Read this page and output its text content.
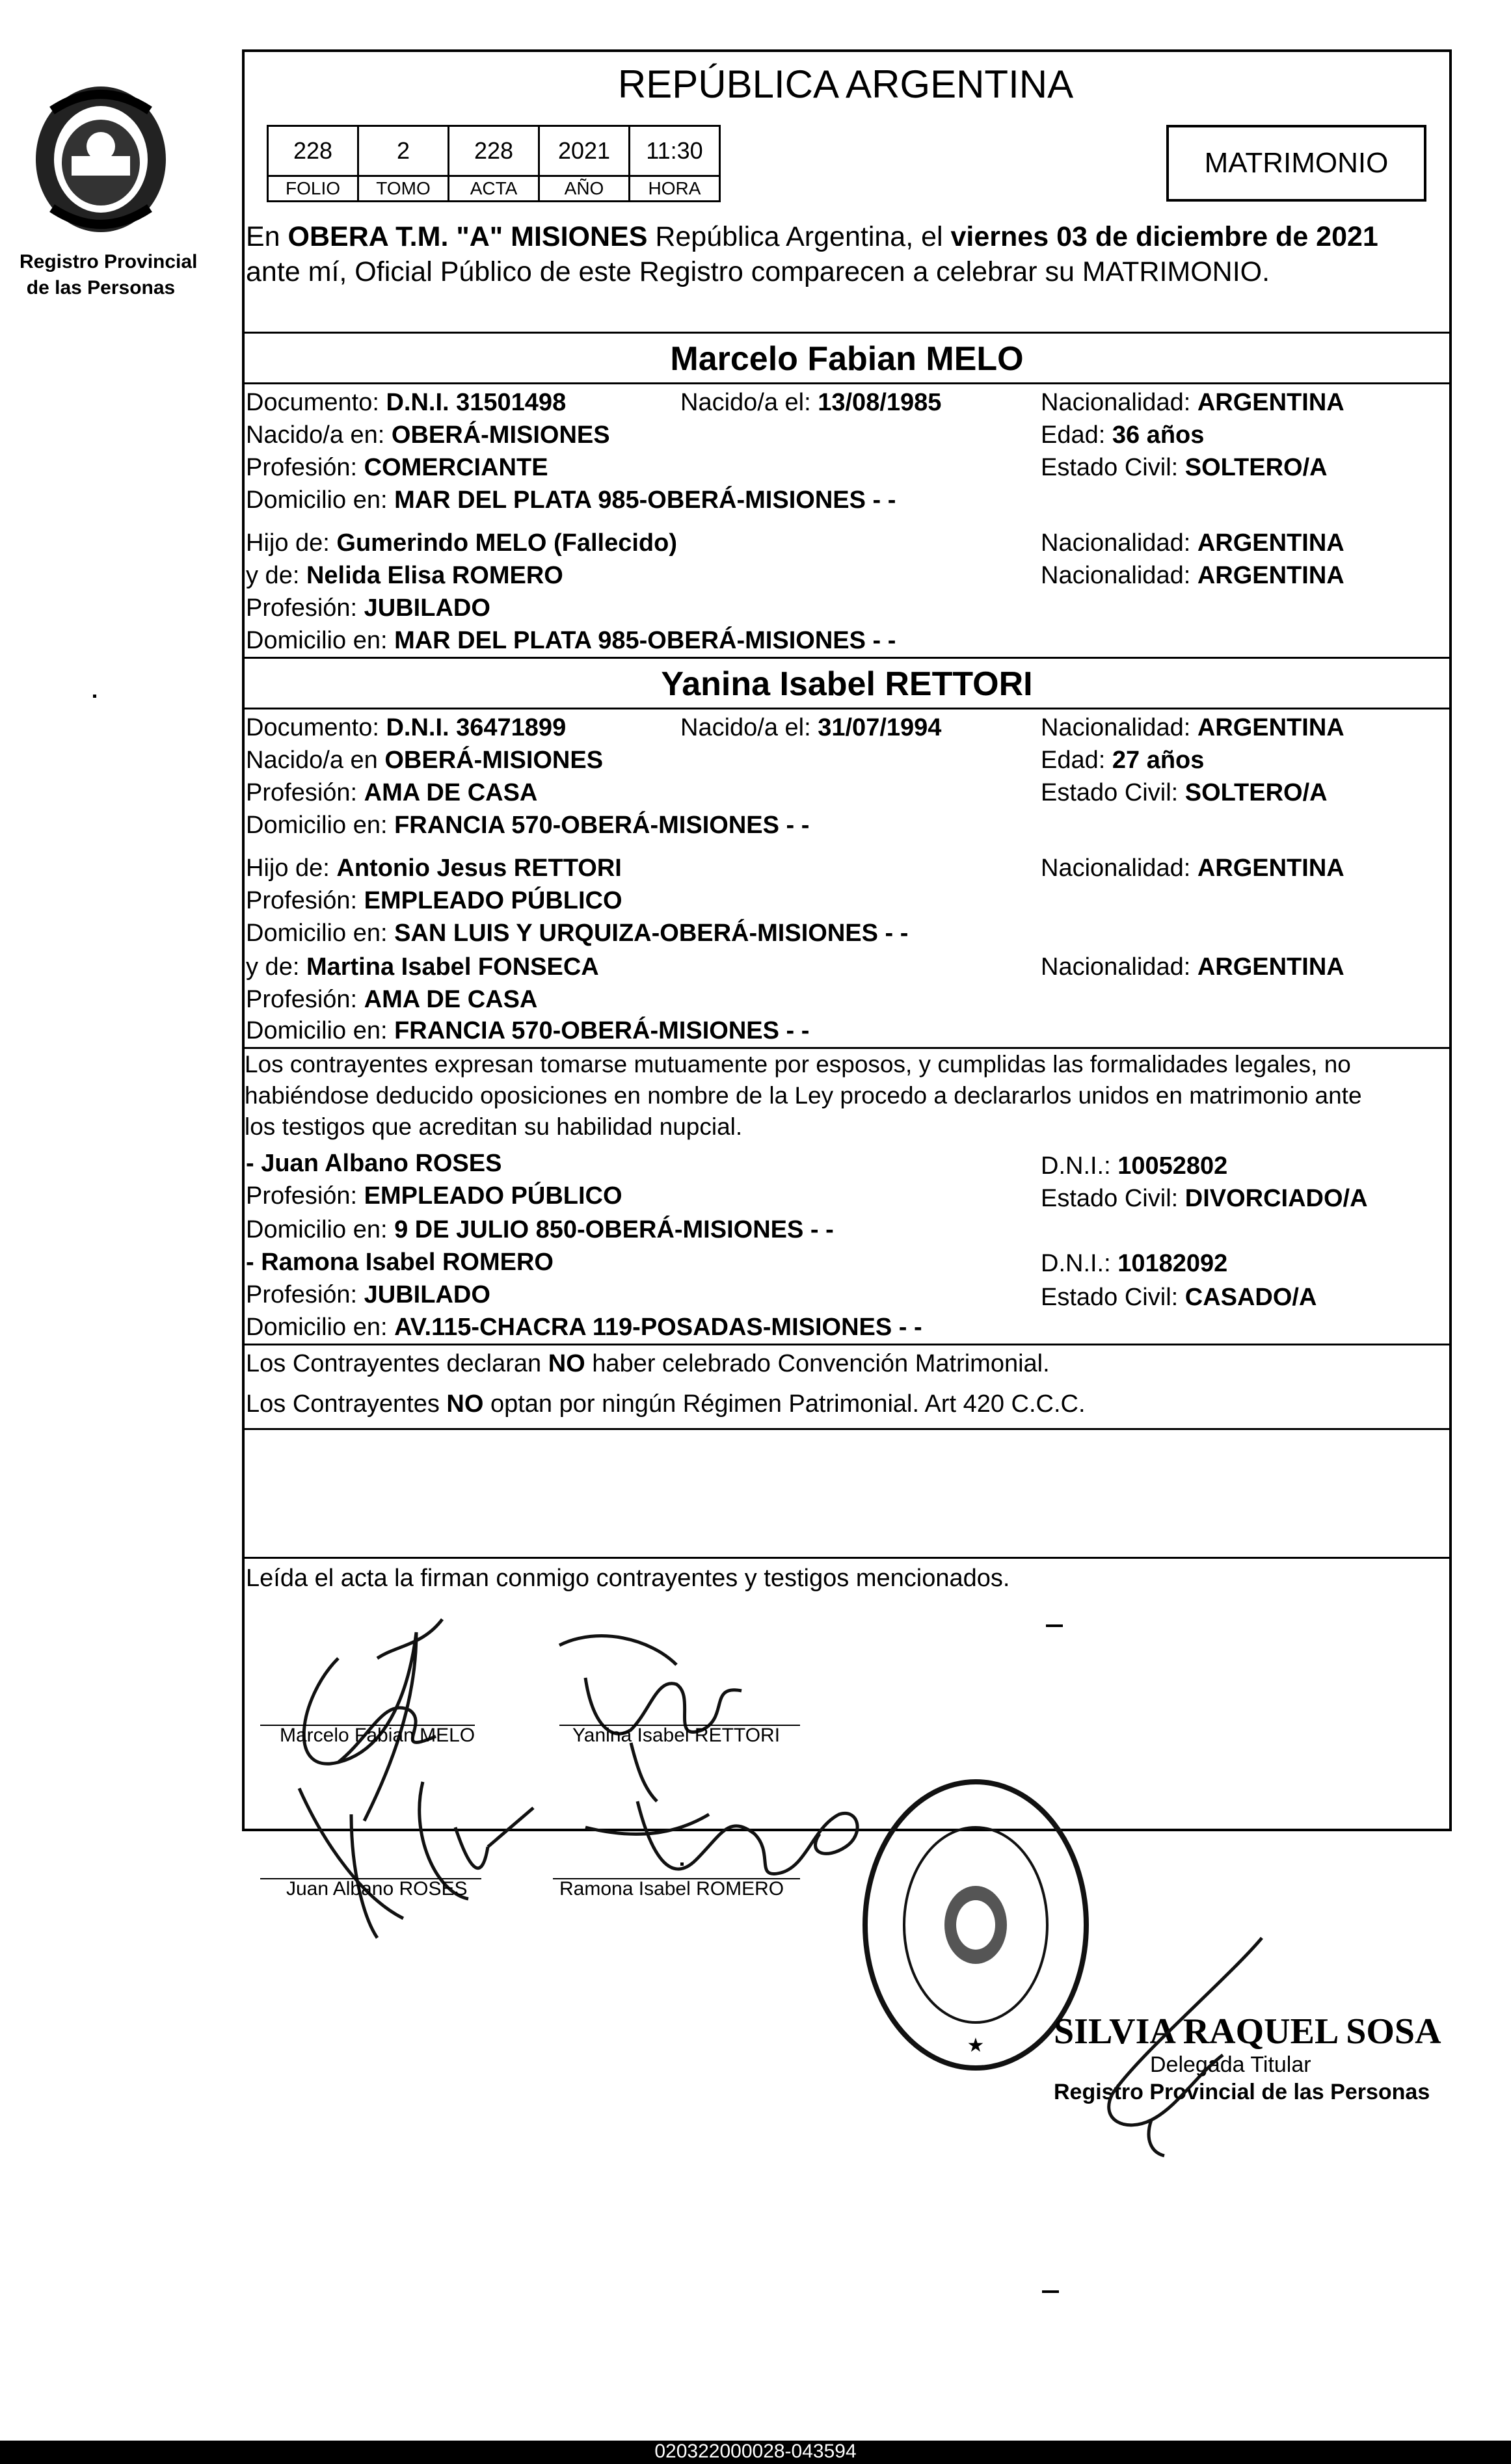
Registro Provincial
de las Personas
REPÚBLICA ARGENTINA
228	2	228	2021	11:30
FOLIO	TOMO	ACTA	AÑO	HORA
MATRIMONIO
En OBERA T.M. "A" MISIONES República Argentina, el viernes 03 de diciembre de 2021
ante mí, Oficial Público de este Registro comparecen a celebrar su MATRIMONIO.
Marcelo Fabian MELO
Documento: D.N.I. 31501498	Nacido/a el: 13/08/1985	Nacionalidad: ARGENTINA
Nacido/a en: OBERÁ-MISIONES	Edad: 36 años
Profesión: COMERCIANTE	Estado Civil: SOLTERO/A
Domicilio en: MAR DEL PLATA 985-OBERÁ-MISIONES - -
Hijo de: Gumerindo MELO (Fallecido)	Nacionalidad: ARGENTINA
y de: Nelida Elisa ROMERO	Nacionalidad: ARGENTINA
Profesión: JUBILADO
Domicilio en: MAR DEL PLATA 985-OBERÁ-MISIONES - -
Yanina Isabel RETTORI
Documento: D.N.I. 36471899	Nacido/a el: 31/07/1994	Nacionalidad: ARGENTINA
Nacido/a en OBERÁ-MISIONES	Edad: 27 años
Profesión: AMA DE CASA	Estado Civil: SOLTERO/A
Domicilio en: FRANCIA 570-OBERÁ-MISIONES - -
Hijo de: Antonio Jesus RETTORI	Nacionalidad: ARGENTINA
Profesión: EMPLEADO PÚBLICO
Domicilio en: SAN LUIS Y URQUIZA-OBERÁ-MISIONES - -
y de: Martina Isabel FONSECA	Nacionalidad: ARGENTINA
Profesión: AMA DE CASA
Domicilio en: FRANCIA 570-OBERÁ-MISIONES - -
Los contrayentes expresan tomarse mutuamente por esposos, y cumplidas las formalidades legales, no
habiéndose deducido oposiciones en nombre de la Ley procedo a declararlos unidos en matrimonio ante
los testigos que acreditan su habilidad nupcial.
- Juan Albano ROSES	D.N.I.: 10052802
Profesión: EMPLEADO PÚBLICO	Estado Civil: DIVORCIADO/A
Domicilio en: 9 DE JULIO 850-OBERÁ-MISIONES - -
- Ramona Isabel ROMERO	D.N.I.: 10182092
Profesión: JUBILADO	Estado Civil: CASADO/A
Domicilio en: AV.115-CHACRA 119-POSADAS-MISIONES - -
Los Contrayentes declaran NO haber celebrado Convención Matrimonial.
Los Contrayentes NO optan por ningún Régimen Patrimonial. Art 420 C.C.C.
Leída el acta la firman conmigo contrayentes y testigos mencionados.
Marcelo Fabian MELO	Yanina Isabel RETTORI
Juan Albano ROSES	Ramona Isabel ROMERO
★ SILVIA RAQUEL SOSA
Delegada Titular
Registro Provincial de las Personas
020322000028-043594
